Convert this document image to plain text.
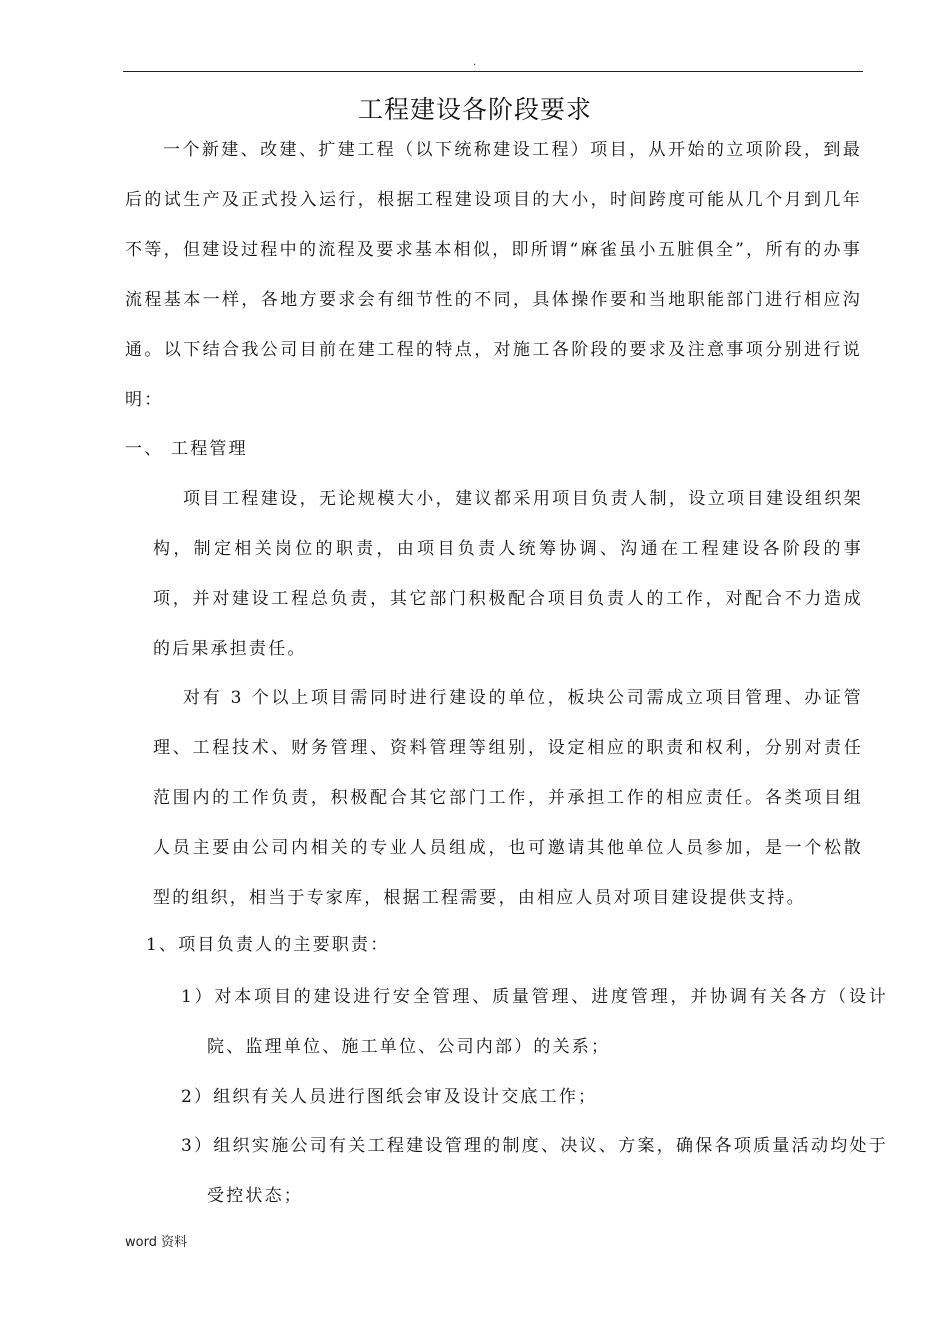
.
工程建设各阶段要求

一个新建、改建、扩建工程（以下统称建设工程）项目，从开始的立项阶段，到最后的试生产及正式投入运行，根据工程建设项目的大小，时间跨度可能从几个月到几年不等，但建设过程中的流程及要求基本相似，即所谓“麻雀虽小五脏俱全”，所有的办事流程基本一样，各地方要求会有细节性的不同，具体操作要和当地职能部门进行相应沟通。以下结合我公司目前在建工程的特点，对施工各阶段的要求及注意事项分别进行说明：

一、 工程管理

项目工程建设，无论规模大小，建议都采用项目负责人制，设立项目建设组织架构，制定相关岗位的职责，由项目负责人统筹协调、沟通在工程建设各阶段的事项，并对建设工程总负责，其它部门积极配合项目负责人的工作，对配合不力造成的后果承担责任。

对有 3 个以上项目需同时进行建设的单位，板块公司需成立项目管理、办证管理、工程技术、财务管理、资料管理等组别，设定相应的职责和权利，分别对责任范围内的工作负责，积极配合其它部门工作，并承担工作的相应责任。各类项目组人员主要由公司内相关的专业人员组成，也可邀请其他单位人员参加，是一个松散型的组织，相当于专家库，根据工程需要，由相应人员对项目建设提供支持。

1、项目负责人的主要职责：

1）对本项目的建设进行安全管理、质量管理、进度管理，并协调有关各方（设计院、监理单位、施工单位、公司内部）的关系；

2）组织有关人员进行图纸会审及设计交底工作；

3）组织实施公司有关工程建设管理的制度、决议、方案，确保各项质量活动均处于受控状态；

word 资料
